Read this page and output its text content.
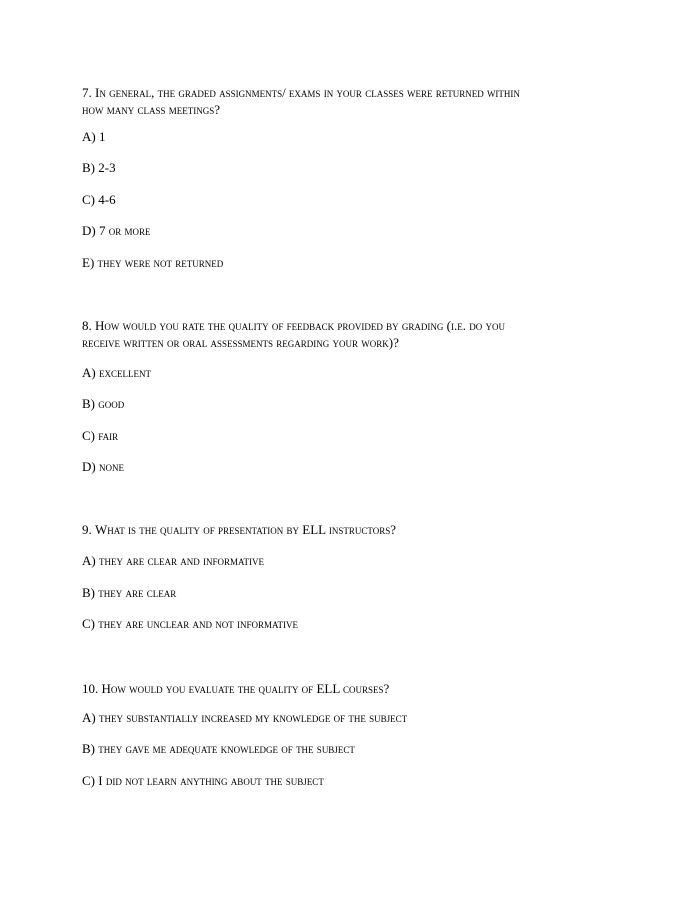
7. In general, the graded assignments/ exams in your classes were returned within

how many class meetings?

A) 1
B) 2-3
C) 4-6
D) 7 or more
E) they were not returned

8. How would you rate the quality of feedback provided by grading (i.e. do you

receive written or oral assessments regarding your work)?

A) excellent
B) good
C) fair
D) none

9. What is the quality of presentation by ELL instructors?

A) they are clear and informative
B) they are clear
C) they are unclear and not informative

10. How would you evaluate the quality of ELL courses?

A) they substantially increased my knowledge of the subject
B) they gave me adequate knowledge of the subject
C) I did not learn anything about the subject
